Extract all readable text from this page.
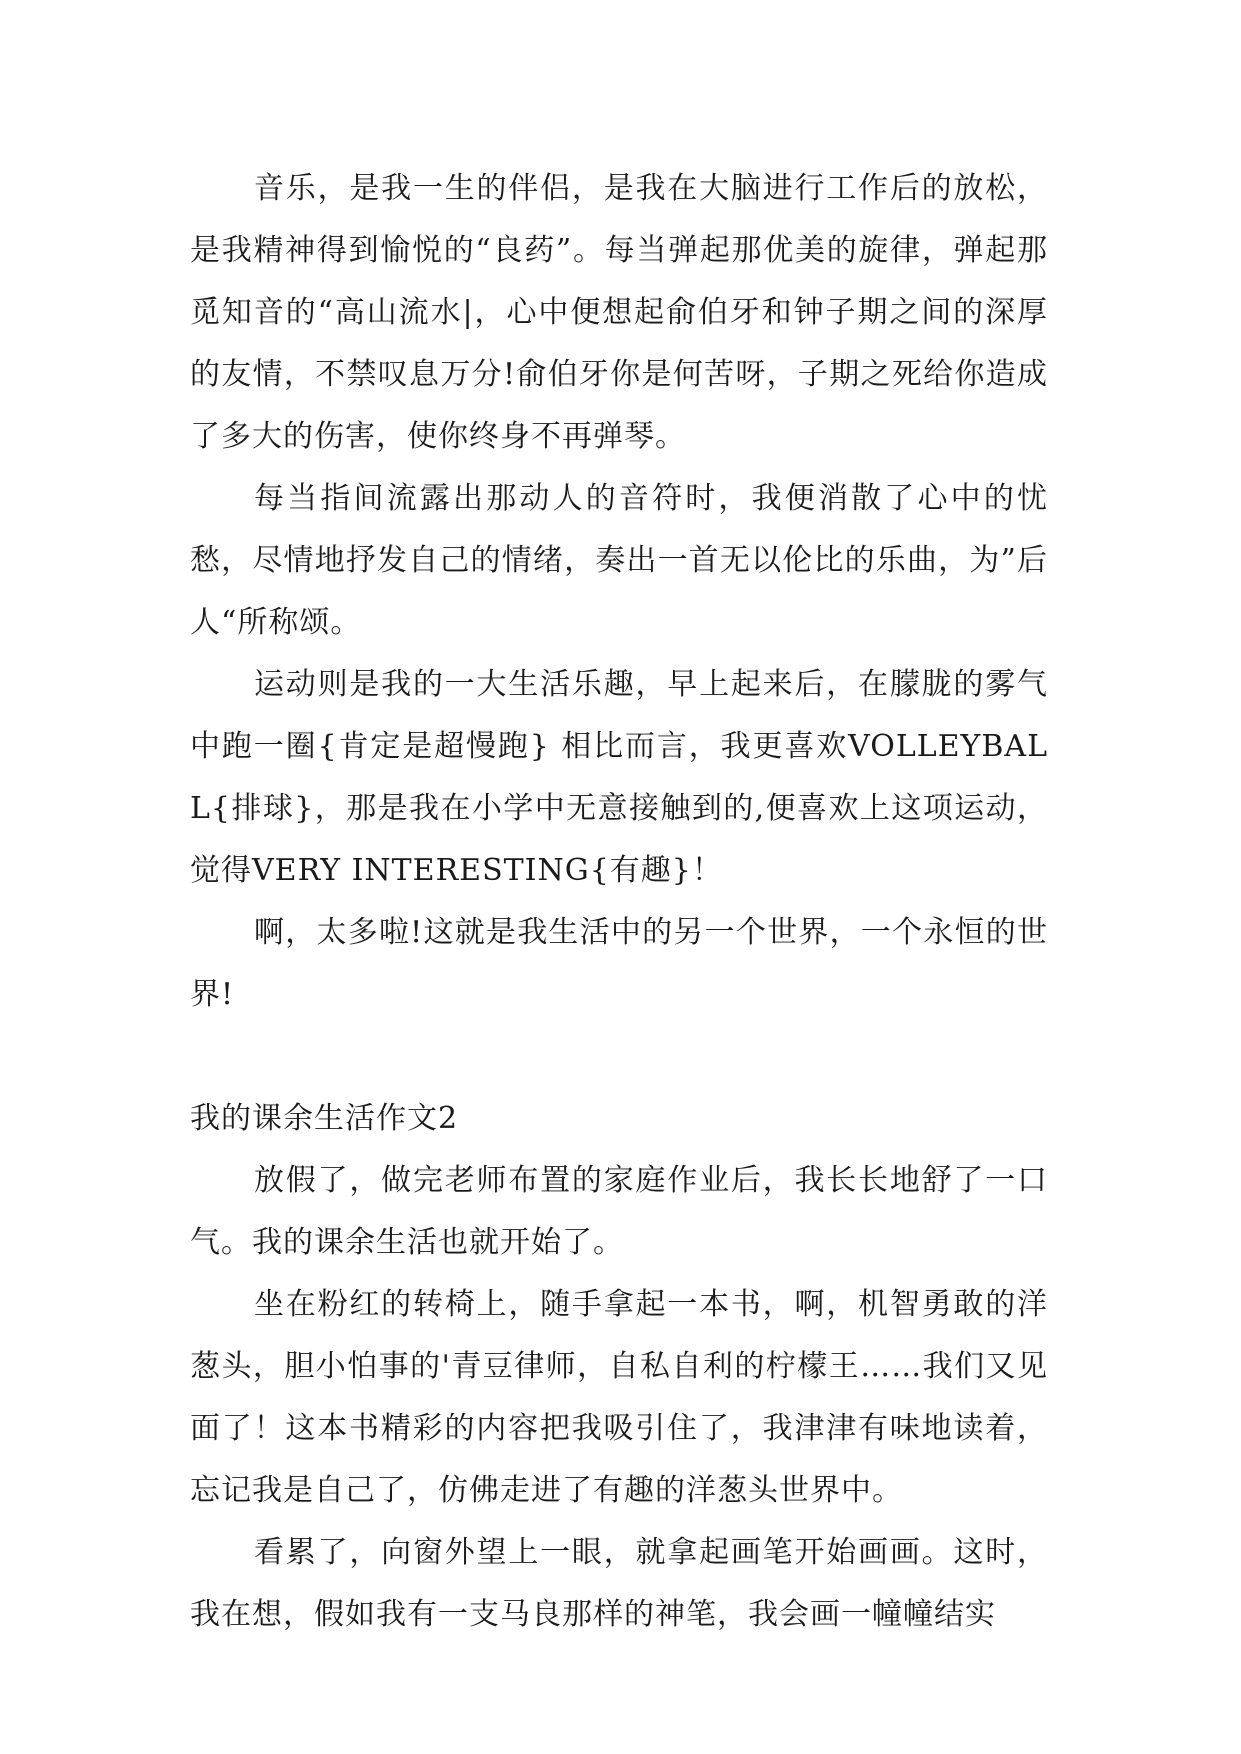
音乐，是我一生的伴侣，是我在大脑进行工作后的放松，是我精神得到愉悦的“良药”。每当弹起那优美的旋律，弹起那觅知音的“高山流水|，心中便想起俞伯牙和钟子期之间的深厚的友情，不禁叹息万分!俞伯牙你是何苦呀，子期之死给你造成了多大的伤害，使你终身不再弹琴。

每当指间流露出那动人的音符时，我便消散了心中的忧愁，尽情地抒发自己的情绪，奏出一首无以伦比的乐曲，为”后人“所称颂。

运动则是我的一大生活乐趣，早上起来后，在朦胧的雾气中跑一圈{肯定是超慢跑} 相比而言，我更喜欢VOLLEYBALL{排球}，那是我在小学中无意接触到的,便喜欢上这项运动，觉得VERY INTERESTING{有趣}！

啊，太多啦!这就是我生活中的另一个世界，一个永恒的世界!

我的课余生活作文2

放假了，做完老师布置的家庭作业后，我长长地舒了一口气。我的课余生活也就开始了。

坐在粉红的转椅上，随手拿起一本书，啊，机智勇敢的洋葱头，胆小怕事的'青豆律师，自私自利的柠檬王……我们又见面了！这本书精彩的内容把我吸引住了，我津津有味地读着，忘记我是自己了，仿佛走进了有趣的洋葱头世界中。

看累了，向窗外望上一眼，就拿起画笔开始画画。这时，我在想，假如我有一支马良那样的神笔，我会画一幢幢结实
